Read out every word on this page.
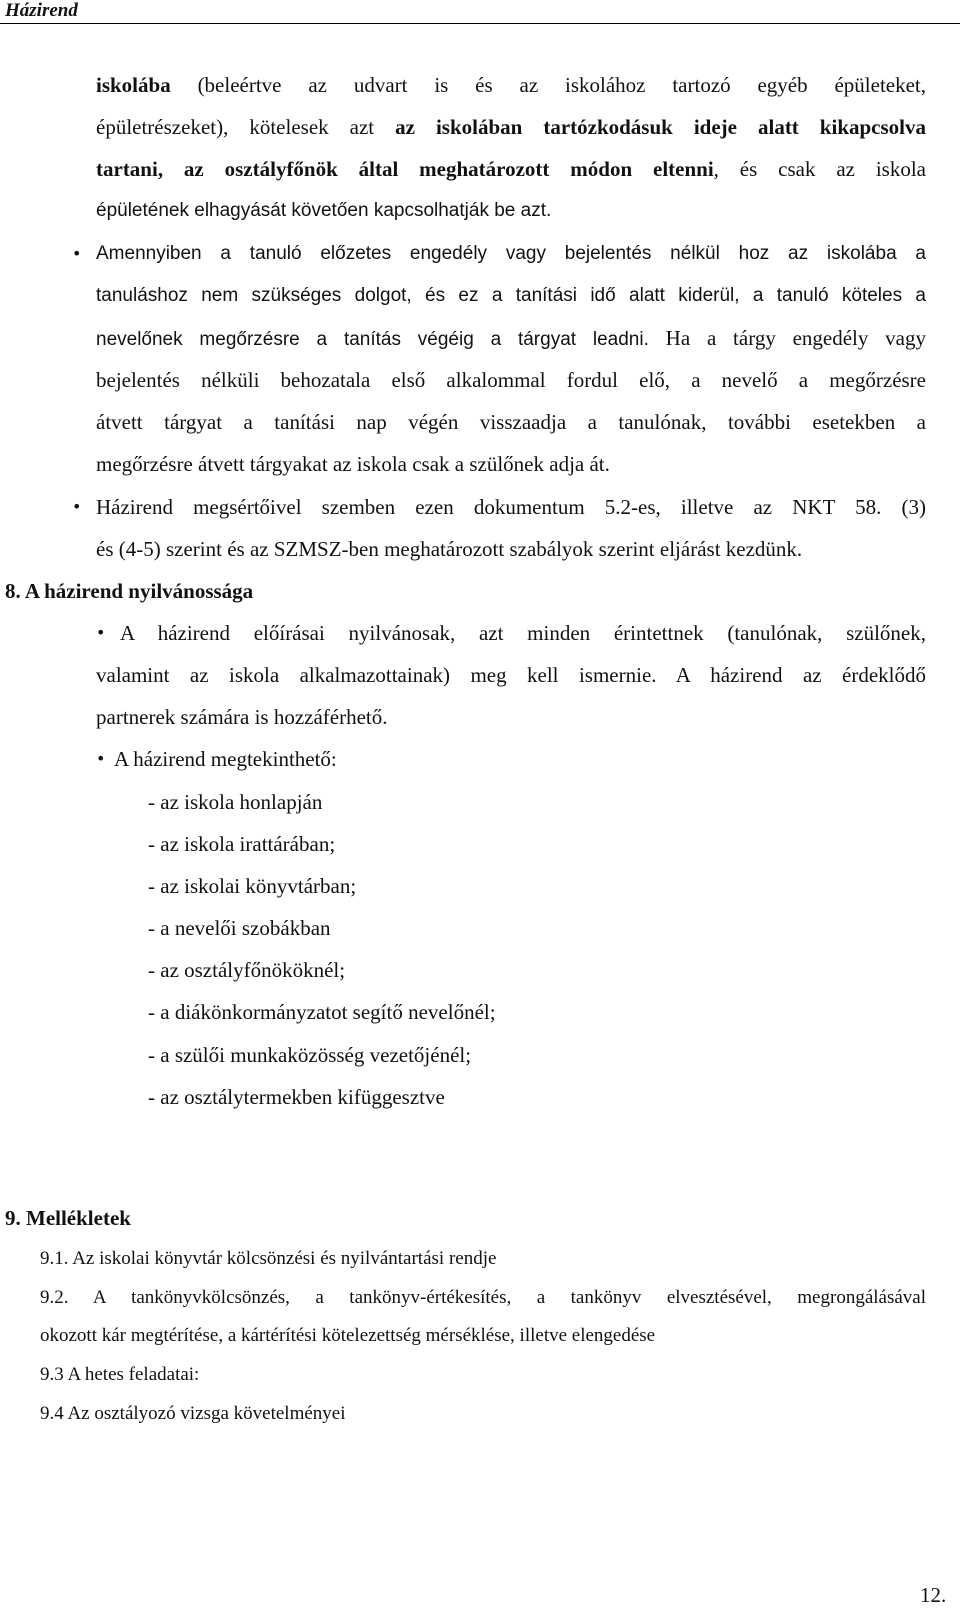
Házirend
iskolába (beleértve az udvart is és az iskolához tartozó egyéb épületeket,
épületrészeket), kötelesek azt az iskolában tartózkodásuk ideje alatt kikapcsolva
tartani, az osztályfőnök által meghatározott módon eltenni, és csak az iskola
épületének elhagyását követően kapcsolhatják be azt.
• Amennyiben a tanuló előzetes engedély vagy bejelentés nélkül hoz az iskolába a
tanuláshoz nem szükséges dolgot, és ez a tanítási idő alatt kiderül, a tanuló köteles a
nevelőnek megőrzésre a tanítás végéig a tárgyat leadni. Ha a tárgy engedély vagy
bejelentés nélküli behozatala első alkalommal fordul elő, a nevelő a megőrzésre
átvett tárgyat a tanítási nap végén visszaadja a tanulónak, további esetekben a
megőrzésre átvett tárgyakat az iskola csak a szülőnek adja át.
• Házirend megsértőivel szemben ezen dokumentum 5.2-es, illetve az NKT 58. (3)
és (4-5) szerint és az SZMSZ-ben meghatározott szabályok szerint eljárást kezdünk.
8. A házirend nyilvánossága
• A házirend előírásai nyilvánosak, azt minden érintettnek (tanulónak, szülőnek,
valamint az iskola alkalmazottainak) meg kell ismernie. A házirend az érdeklődő
partnerek számára is hozzáférhető.
• A házirend megtekinthető:
- az iskola honlapján
- az iskola irattárában;
- az iskolai könyvtárban;
- a nevelői szobákban
- az osztályfőnököknél;
- a diákönkormányzatot segítő nevelőnél;
- a szülői munkaközösség vezetőjénél;
- az osztálytermekben kifüggesztve
9. Mellékletek
9.1. Az iskolai könyvtár kölcsönzési és nyilvántartási rendje
9.2. A tankönyvkölcsönzés, a tankönyv-értékesítés, a tankönyv elvesztésével, megrongálásával
okozott kár megtérítése, a kártérítési kötelezettség mérséklése, illetve elengedése
9.3 A hetes feladatai:
9.4 Az osztályozó vizsga követelményei
12.
